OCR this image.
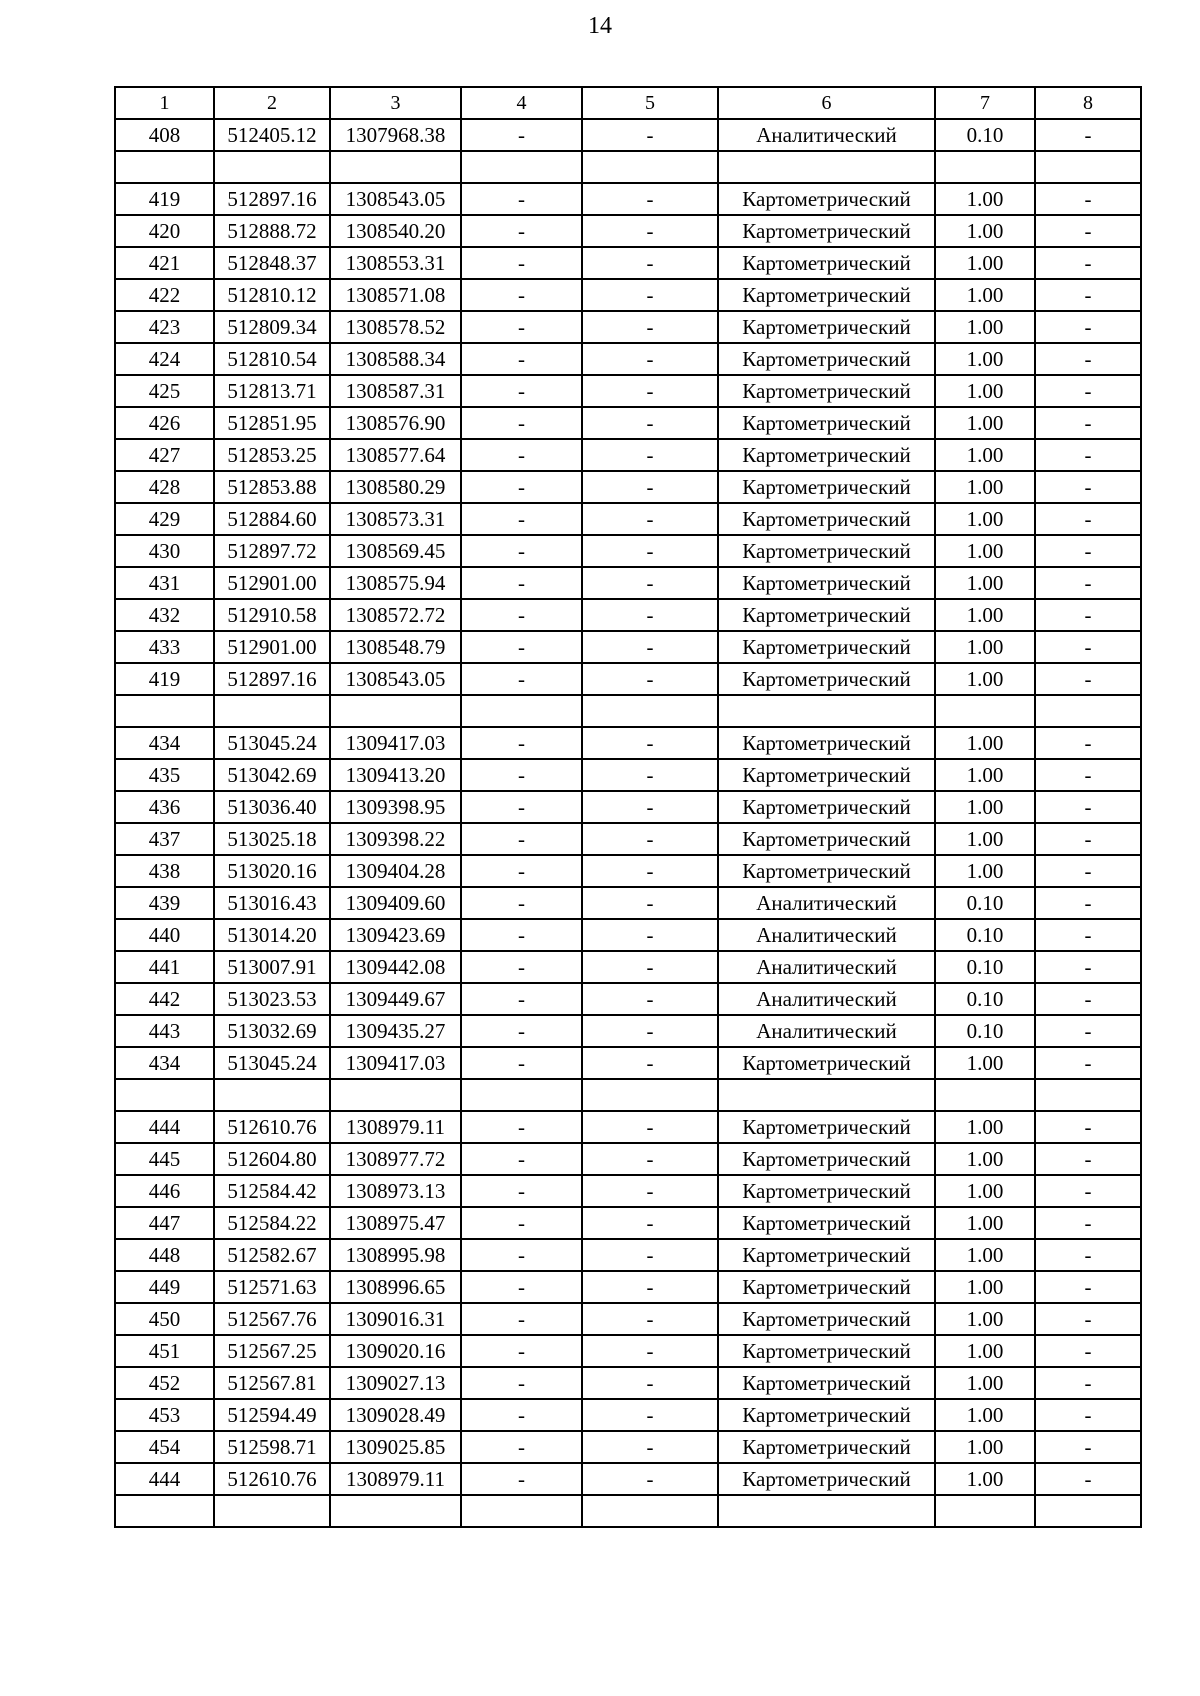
14
1	2	3	4	5	6	7	8
408	512405.12	1307968.38	-	-	Аналитический	0.10	-

419	512897.16	1308543.05	-	-	Картометрический	1.00	-
420	512888.72	1308540.20	-	-	Картометрический	1.00	-
421	512848.37	1308553.31	-	-	Картометрический	1.00	-
422	512810.12	1308571.08	-	-	Картометрический	1.00	-
423	512809.34	1308578.52	-	-	Картометрический	1.00	-
424	512810.54	1308588.34	-	-	Картометрический	1.00	-
425	512813.71	1308587.31	-	-	Картометрический	1.00	-
426	512851.95	1308576.90	-	-	Картометрический	1.00	-
427	512853.25	1308577.64	-	-	Картометрический	1.00	-
428	512853.88	1308580.29	-	-	Картометрический	1.00	-
429	512884.60	1308573.31	-	-	Картометрический	1.00	-
430	512897.72	1308569.45	-	-	Картометрический	1.00	-
431	512901.00	1308575.94	-	-	Картометрический	1.00	-
432	512910.58	1308572.72	-	-	Картометрический	1.00	-
433	512901.00	1308548.79	-	-	Картометрический	1.00	-
419	512897.16	1308543.05	-	-	Картометрический	1.00	-

434	513045.24	1309417.03	-	-	Картометрический	1.00	-
435	513042.69	1309413.20	-	-	Картометрический	1.00	-
436	513036.40	1309398.95	-	-	Картометрический	1.00	-
437	513025.18	1309398.22	-	-	Картометрический	1.00	-
438	513020.16	1309404.28	-	-	Картометрический	1.00	-
439	513016.43	1309409.60	-	-	Аналитический	0.10	-
440	513014.20	1309423.69	-	-	Аналитический	0.10	-
441	513007.91	1309442.08	-	-	Аналитический	0.10	-
442	513023.53	1309449.67	-	-	Аналитический	0.10	-
443	513032.69	1309435.27	-	-	Аналитический	0.10	-
434	513045.24	1309417.03	-	-	Картометрический	1.00	-

444	512610.76	1308979.11	-	-	Картометрический	1.00	-
445	512604.80	1308977.72	-	-	Картометрический	1.00	-
446	512584.42	1308973.13	-	-	Картометрический	1.00	-
447	512584.22	1308975.47	-	-	Картометрический	1.00	-
448	512582.67	1308995.98	-	-	Картометрический	1.00	-
449	512571.63	1308996.65	-	-	Картометрический	1.00	-
450	512567.76	1309016.31	-	-	Картометрический	1.00	-
451	512567.25	1309020.16	-	-	Картометрический	1.00	-
452	512567.81	1309027.13	-	-	Картометрический	1.00	-
453	512594.49	1309028.49	-	-	Картометрический	1.00	-
454	512598.71	1309025.85	-	-	Картометрический	1.00	-
444	512610.76	1308979.11	-	-	Картометрический	1.00	-
